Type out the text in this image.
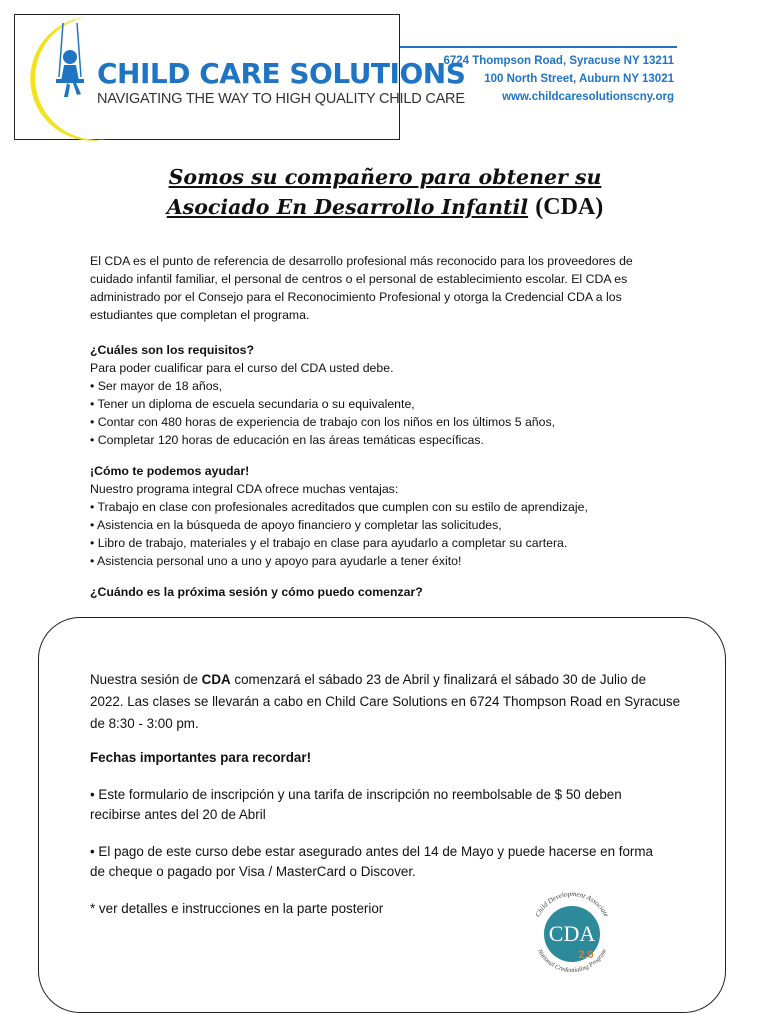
CHILD CARE SOLUTIONS
NAVIGATING THE WAY TO HIGH QUALITY CHILD CARE
6724 Thompson Road, Syracuse NY 13211
100 North Street, Auburn NY 13021
www.childcaresolutionscny.org
Somos su compañero para obtener su
Asociado En Desarrollo Infantil (CDA)

El CDA es el punto de referencia de desarrollo profesional más reconocido para los proveedores de

cuidado infantil familiar, el personal de centros o el personal de establecimiento escolar. El CDA es

administrado por el Consejo para el Reconocimiento Profesional y otorga la Credencial CDA a los

estudiantes que completan el programa.

¿Cuáles son los requisitos?

Para poder cualificar para el curso del CDA usted debe.

• Ser mayor de 18 años,

• Tener un diploma de escuela secundaria o su equivalente,

• Contar con 480 horas de experiencia de trabajo con los niños en los últimos 5 años,

• Completar 120 horas de educación en las áreas temáticas específicas.

¡Cómo te podemos ayudar!

Nuestro programa integral CDA ofrece muchas ventajas:

• Trabajo en clase con profesionales acreditados que cumplen con su estilo de aprendizaje,

• Asistencia en la búsqueda de apoyo financiero y completar las solicitudes,

• Libro de trabajo, materiales y el trabajo en clase para ayudarlo a completar su cartera.

• Asistencia personal uno a uno y apoyo para ayudarle a tener éxito!

¿Cuándo es la próxima sesión y cómo puedo comenzar?

Nuestra sesión de CDA comenzará el sábado 23 de Abril y finalizará el sábado 30 de Julio de

2022. Las clases se llevarán a cabo en Child Care Solutions en 6724 Thompson Road en Syracuse

de 8:30 - 3:00 pm.

Fechas importantes para recordar!

• Este formulario de inscripción y una tarifa de inscripción no reembolsable de $ 50 deben

recibirse antes del 20 de Abril

• El pago de este curso debe estar asegurado antes del 14 de Mayo y puede hacerse en forma

de cheque o pagado por Visa / MasterCard o Discover.

* ver detalles e instrucciones en la parte posterior	Child Development Associate
CDA
2.0
National Credentialing Program
